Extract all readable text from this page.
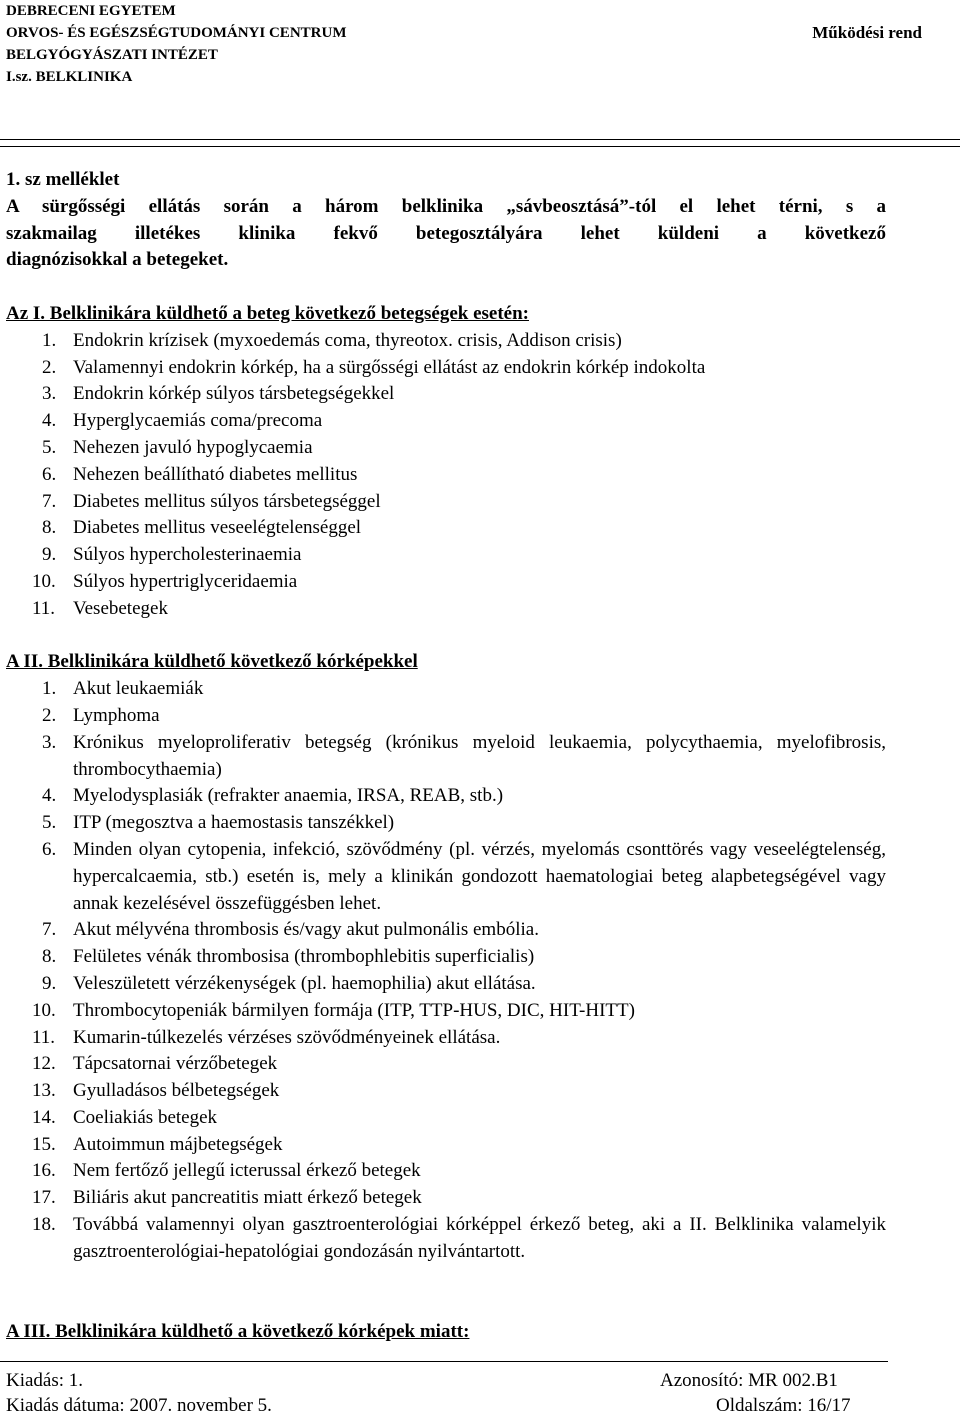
DEBRECENI EGYETEM
ORVOS- ÉS EGÉSZSÉGTUDOMÁNYI CENTRUM
BELGYÓGYÁSZATI INTÉZET
I.sz. BELKLINIKA
Működési rend
1. sz melléklet
A sürgősségi ellátás során a három belklinika „sávbeosztásá”-tól el lehet térni, s a
szakmailag illetékes klinika fekvő betegosztályára lehet küldeni a következő
diagnózisokkal a betegeket.
Az I. Belklinikára küldhető a beteg következő betegségek esetén:
1. Endokrin krízisek (myxoedemás coma, thyreotox. crisis, Addison crisis)
2. Valamennyi endokrin kórkép, ha a sürgősségi ellátást az endokrin kórkép indokolta
3. Endokrin kórkép súlyos társbetegségekkel
4. Hyperglycaemiás coma/precoma
5. Nehezen javuló hypoglycaemia
6. Nehezen beállítható diabetes mellitus
7. Diabetes mellitus súlyos társbetegséggel
8. Diabetes mellitus veseelégtelenséggel
9. Súlyos hypercholesterinaemia
10. Súlyos hypertriglyceridaemia
11. Vesebetegek
A II. Belklinikára küldhető következő kórképekkel
1. Akut leukaemiák
2. Lymphoma
3. Krónikus myeloproliferativ betegség (krónikus myeloid leukaemia, polycythaemia, myelofibrosis, thrombocythaemia)
4. Myelodysplasiák (refrakter anaemia, IRSA, REAB, stb.)
5. ITP (megosztva a haemostasis tanszékkel)
6. Minden olyan cytopenia, infekció, szövődmény (pl. vérzés, myelomás csonttörés vagy veseelégtelenség, hypercalcaemia, stb.) esetén is, mely a klinikán gondozott haematologiai beteg alapbetegségével vagy annak kezelésével összefüggésben lehet.
7. Akut mélyvéna thrombosis és/vagy akut pulmonális embólia.
8. Felületes vénák thrombosisa (thrombophlebitis superficialis)
9. Veleszületett vérzékenységek (pl. haemophilia) akut ellátása.
10. Thrombocytopeniák bármilyen formája (ITP, TTP-HUS, DIC, HIT-HITT)
11. Kumarin-túlkezelés vérzéses szövődményeinek ellátása.
12. Tápcsatornai vérzőbetegek
13. Gyulladásos bélbetegségek
14. Coeliakiás betegek
15. Autoimmun májbetegségek
16. Nem fertőző jellegű icterussal érkező betegek
17. Biliáris akut pancreatitis miatt érkező betegek
18. Továbbá valamennyi olyan gasztroenterológiai kórképpel érkező beteg, aki a II. Belklinika valamelyik gasztroenterológiai-hepatológiai gondozásán nyilvántartott.
A III. Belklinikára küldhető a következő kórképek miatt:
Kiadás: 1.
Kiadás dátuma: 2007. november 5.
Azonosító: MR 002.B1
Oldalszám: 16/17
